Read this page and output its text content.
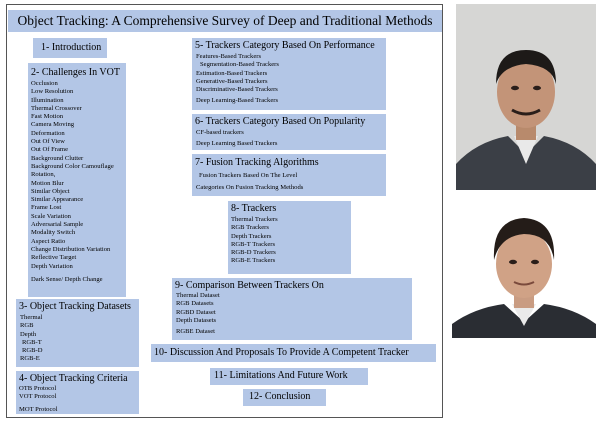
Object Tracking: A Comprehensive Survey of Deep and Traditional Methods
1- Introduction
2- Challenges In VOT
Occlusion
Low Resolution
Illumination
Thermal Crossover
Fast Motion
Camera Moving
Deformation
Out Of View
Out Of Frame
Background Clutter
Background Color Camouflage
Rotation,
Motion Blur
Similar Object
Similar Appearance
Frame Lost
Scale Variation
Adversarial Sample
Modality Switch
Aspect Ratio
Change Distribution Variation
Reflective Target
Depth Variation
Dark Sense/ Depth Change
3- Object Tracking Datasets
Thermal
RGB
Depth
RGB-T
RGB-D
RGB-E
4- Object Tracking Criteria
OTB Protocol
VOT Protocol
MOT Protocol
5- Trackers Category Based On Performance
Features-Based Trackers
Segmentation-Based Trackers
Estimation-Based Trackers
Generative-Based Trackers
Discriminative-Based Trackers
Deep Learning-Based Trackers
6- Trackers Category Based On Popularity
CF-based trackers
Deep Learning Based Trackers
7- Fusion Tracking Algorithms
Fusion Trackers Based On The Level
Categories On Fusion Tracking Methods
8- Trackers
Thermal Trackers
RGB Trackers
Depth Trackers
RGB-T Trackers
RGB-D Trackers
RGB-E Trackers
9- Comparison Between Trackers On
Thermal Dataset
RGB Datasets
RGBD Dataset
Depth Datasets
RGBE Dataset
10- Discussion And Proposals To Provide A Competent Tracker
11- Limitations And Future Work
12- Conclusion
